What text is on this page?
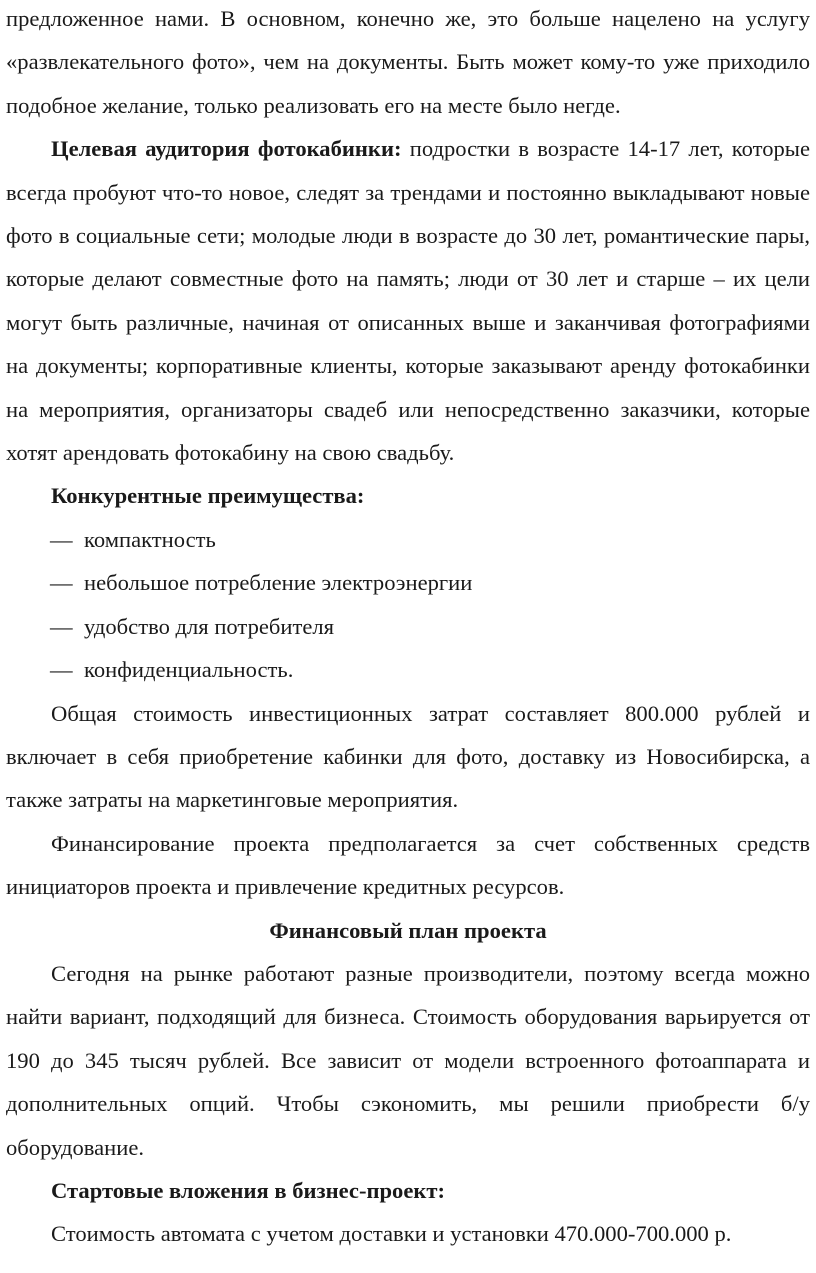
предложенное нами. В основном, конечно же, это больше нацелено на услугу «развлекательного фото», чем на документы. Быть может кому-то уже приходило подобное желание, только реализовать его на месте было негде.

Целевая аудитория фотокабинки: подростки в возрасте 14-17 лет, которые всегда пробуют что-то новое, следят за трендами и постоянно выкладывают новые фото в социальные сети; молодые люди в возрасте до 30 лет, романтические пары, которые делают совместные фото на память; люди от 30 лет и старше – их цели могут быть различные, начиная от описанных выше и заканчивая фотографиями на документы; корпоративные клиенты, которые заказывают аренду фотокабинки на мероприятия, организаторы свадеб или непосредственно заказчики, которые хотят арендовать фотокабину на свою свадьбу.

Конкурентные преимущества:

— компактность

— небольшое потребление электроэнергии

— удобство для потребителя

— конфиденциальность.

Общая стоимость инвестиционных затрат составляет 800.000 рублей и включает в себя приобретение кабинки для фото, доставку из Новосибирска, а также затраты на маркетинговые мероприятия.

Финансирование проекта предполагается за счет собственных средств инициаторов проекта и привлечение кредитных ресурсов.

Финансовый план проекта

Сегодня на рынке работают разные производители, поэтому всегда можно найти вариант, подходящий для бизнеса. Стоимость оборудования варьируется от 190 до 345 тысяч рублей. Все зависит от модели встроенного фотоаппарата и дополнительных опций. Чтобы сэкономить, мы решили приобрести б/у оборудование.

Стартовые вложения в бизнес-проект:

Стоимость автомата с учетом доставки и установки 470.000-700.000 р.
